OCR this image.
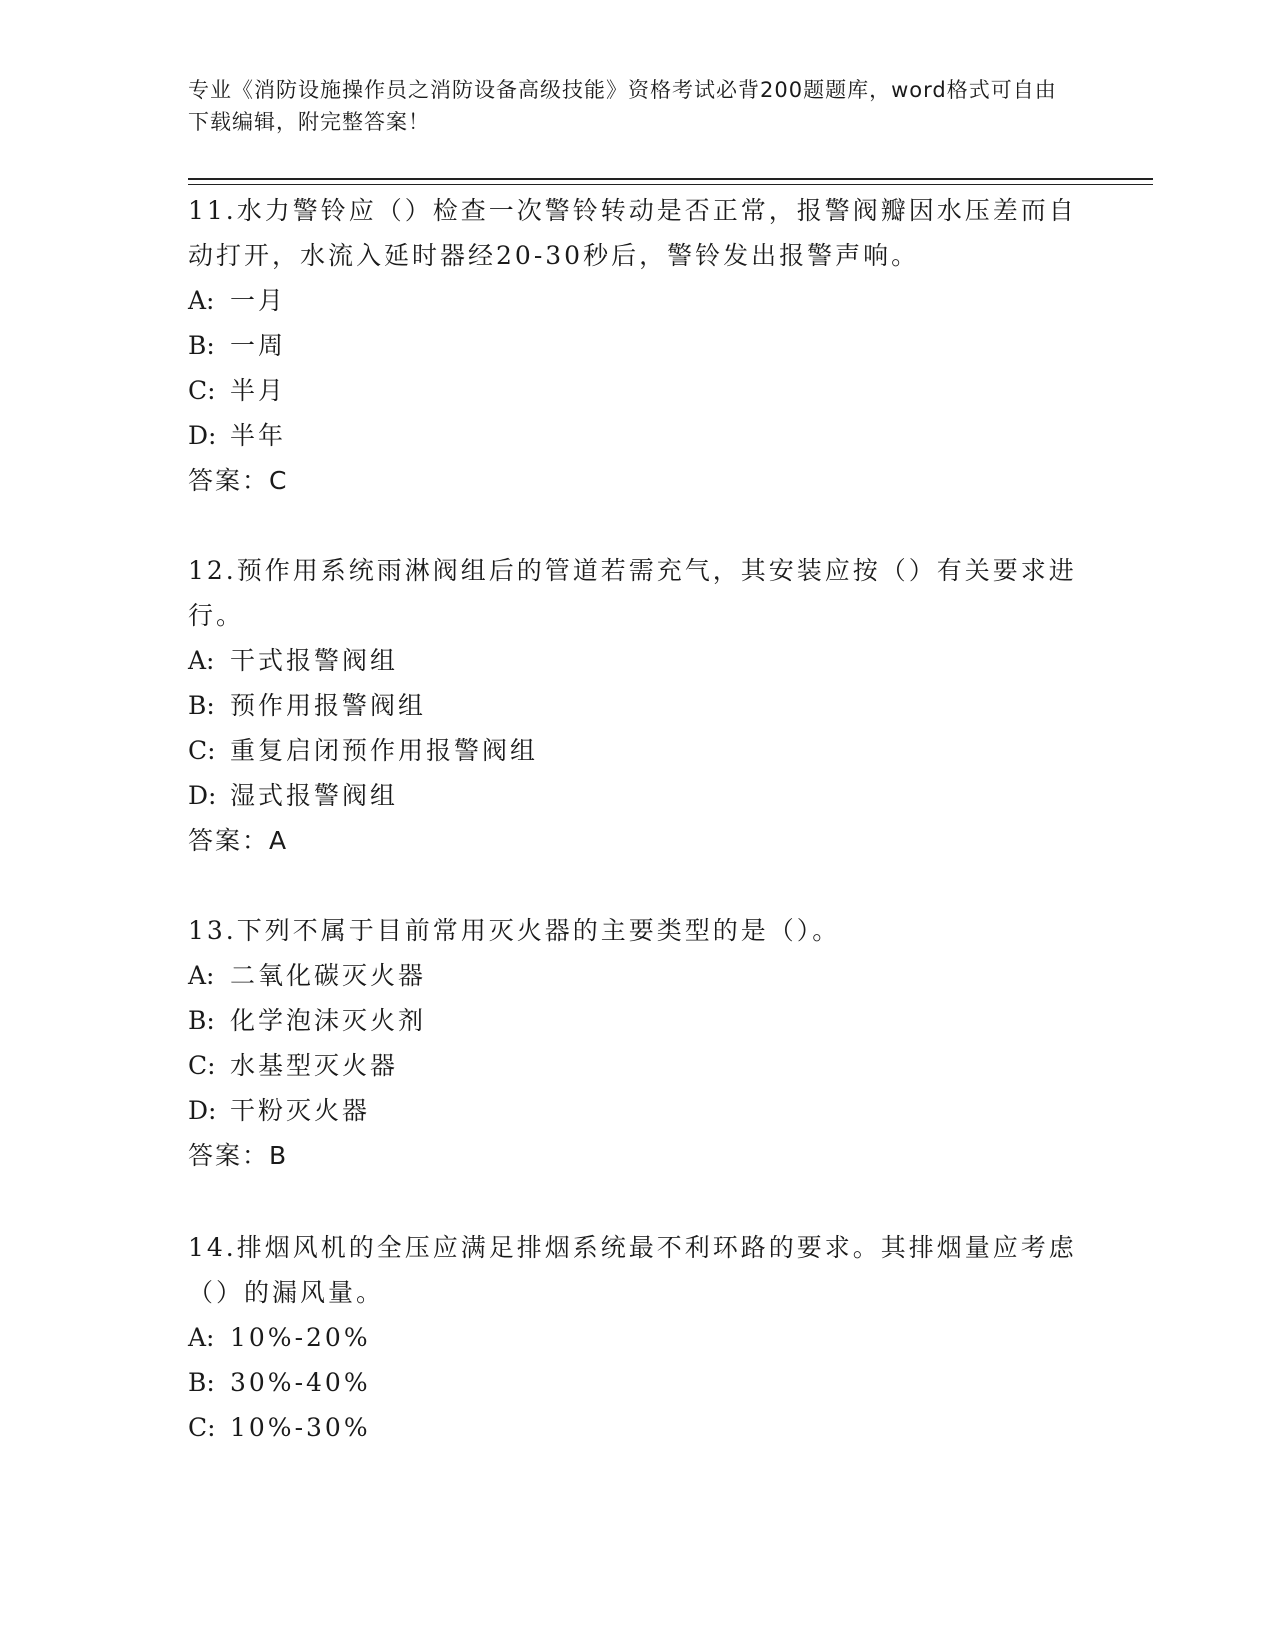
专业《消防设施操作员之消防设备高级技能》资格考试必背200题题库，word格式可自由下载编辑，附完整答案！

11.水力警铃应（）检查一次警铃转动是否正常，报警阀瓣因水压差而自动打开，水流入延时器经20-30秒后，警铃发出报警声响。

A: 一月

B: 一周

C: 半月

D: 半年

答案：C

12.预作用系统雨淋阀组后的管道若需充气，其安装应按（）有关要求进行。

A: 干式报警阀组

B: 预作用报警阀组

C: 重复启闭预作用报警阀组

D: 湿式报警阀组

答案：A

13.下列不属于目前常用灭火器的主要类型的是（）。

A: 二氧化碳灭火器

B: 化学泡沫灭火剂

C: 水基型灭火器

D: 干粉灭火器

答案：B

14.排烟风机的全压应满足排烟系统最不利环路的要求。其排烟量应考虑（）的漏风量。

A: 10%-20%

B: 30%-40%

C: 10%-30%
